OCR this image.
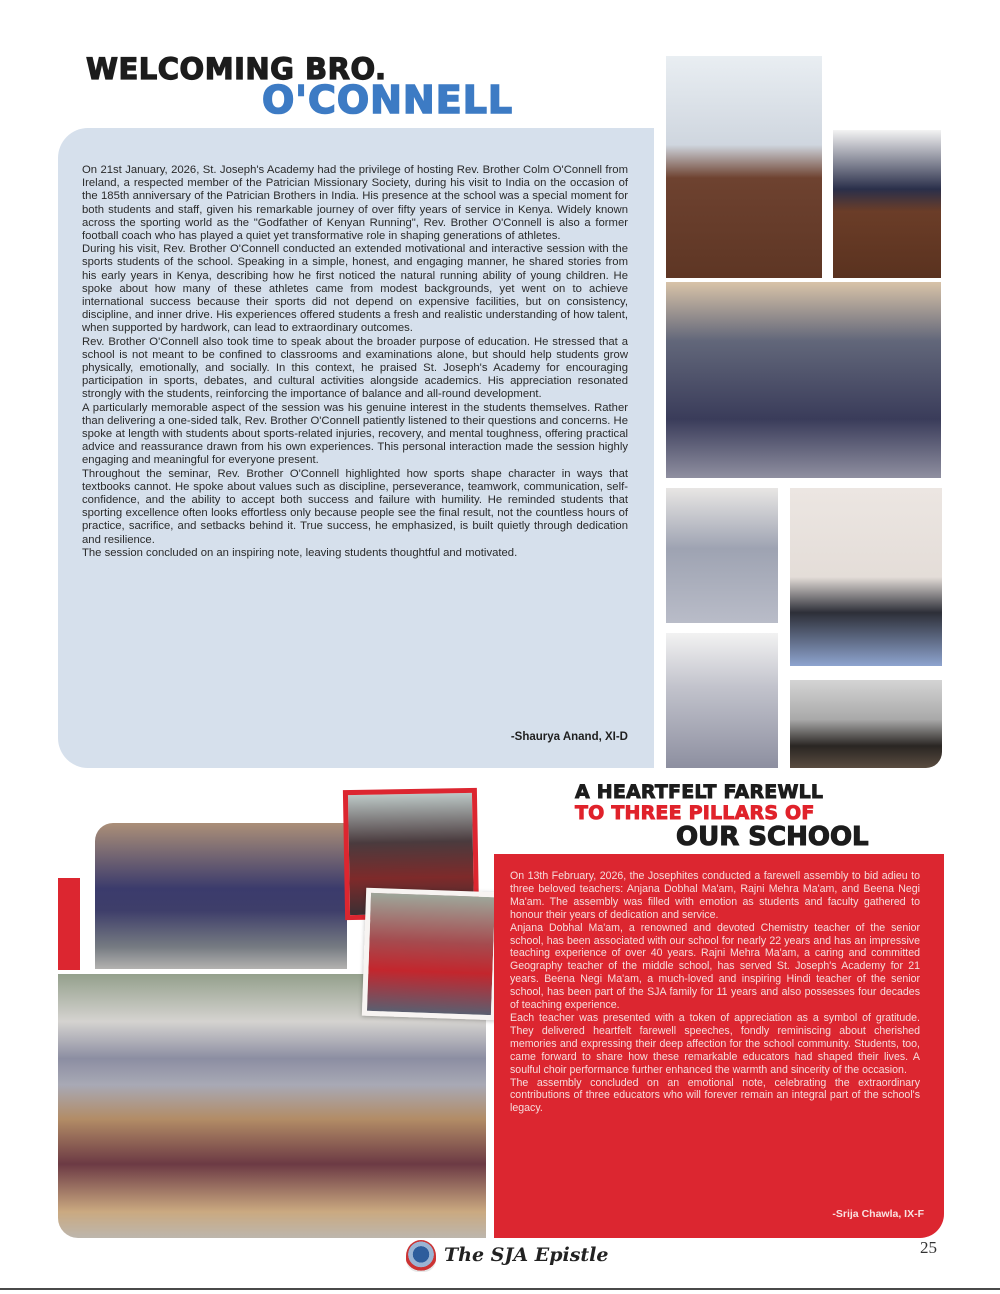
WELCOMING BRO.
O'CONNELL

On 21st January, 2026, St. Joseph's Academy had the privilege of hosting Rev. Brother Colm O'Connell from Ireland, a respected member of the Patrician Missionary Society, during his visit to India on the occasion of the 185th anniversary of the Patrician Brothers in India. His presence at the school was a special moment for both students and staff, given his remarkable journey of over fifty years of service in Kenya. Widely known across the sporting world as the "Godfather of Kenyan Running", Rev. Brother O'Connell is also a former football coach who has played a quiet yet transformative role in shaping generations of athletes.

During his visit, Rev. Brother O'Connell conducted an extended motivational and interactive session with the sports students of the school. Speaking in a simple, honest, and engaging manner, he shared stories from his early years in Kenya, describing how he first noticed the natural running ability of young children. He spoke about how many of these athletes came from modest backgrounds, yet went on to achieve international success because their sports did not depend on expensive facilities, but on consistency, discipline, and inner drive. His experiences offered students a fresh and realistic understanding of how talent, when supported by hardwork, can lead to extraordinary outcomes.

Rev. Brother O'Connell also took time to speak about the broader purpose of education. He stressed that a school is not meant to be confined to classrooms and examinations alone, but should help students grow physically, emotionally, and socially. In this context, he praised St. Joseph's Academy for encouraging participation in sports, debates, and cultural activities alongside academics. His appreciation resonated strongly with the students, reinforcing the importance of balance and all-round development.

A particularly memorable aspect of the session was his genuine interest in the students themselves. Rather than delivering a one-sided talk, Rev. Brother O'Connell patiently listened to their questions and concerns. He spoke at length with students about sports-related injuries, recovery, and mental toughness, offering practical advice and reassurance drawn from his own experiences. This personal interaction made the session highly engaging and meaningful for everyone present.

Throughout the seminar, Rev. Brother O'Connell highlighted how sports shape character in ways that textbooks cannot. He spoke about values such as discipline, perseverance, teamwork, communication, self-confidence, and the ability to accept both success and failure with humility. He reminded students that sporting excellence often looks effortless only because people see the final result, not the countless hours of practice, sacrifice, and setbacks behind it. True success, he emphasized, is built quietly through dedication and resilience.

The session concluded on an inspiring note, leaving students thoughtful and motivated.

-Shaurya Anand, XI-D
A HEARTFELT FAREWLL
TO THREE PILLARS OF
OUR SCHOOL

On 13th February, 2026, the Josephites conducted a farewell assembly to bid adieu to three beloved teachers: Anjana Dobhal Ma'am, Rajni Mehra Ma'am, and Beena Negi Ma'am. The assembly was filled with emotion as students and faculty gathered to honour their years of dedication and service.

Anjana Dobhal Ma'am, a renowned and devoted Chemistry teacher of the senior school, has been associated with our school for nearly 22 years and has an impressive teaching experience of over 40 years. Rajni Mehra Ma'am, a caring and committed Geography teacher of the middle school, has served St. Joseph's Academy for 21 years. Beena Negi Ma'am, a much-loved and inspiring Hindi teacher of the senior school, has been part of the SJA family for 11 years and also possesses four decades of teaching experience.

Each teacher was presented with a token of appreciation as a symbol of gratitude. They delivered heartfelt farewell speeches, fondly reminiscing about cherished memories and expressing their deep affection for the school community. Students, too, came forward to share how these remarkable educators had shaped their lives. A soulful choir performance further enhanced the warmth and sincerity of the occasion.

The assembly concluded on an emotional note, celebrating the extraordinary contributions of three educators who will forever remain an integral part of the school's legacy.

-Srija Chawla, IX-F
The SJA Epistle	25
